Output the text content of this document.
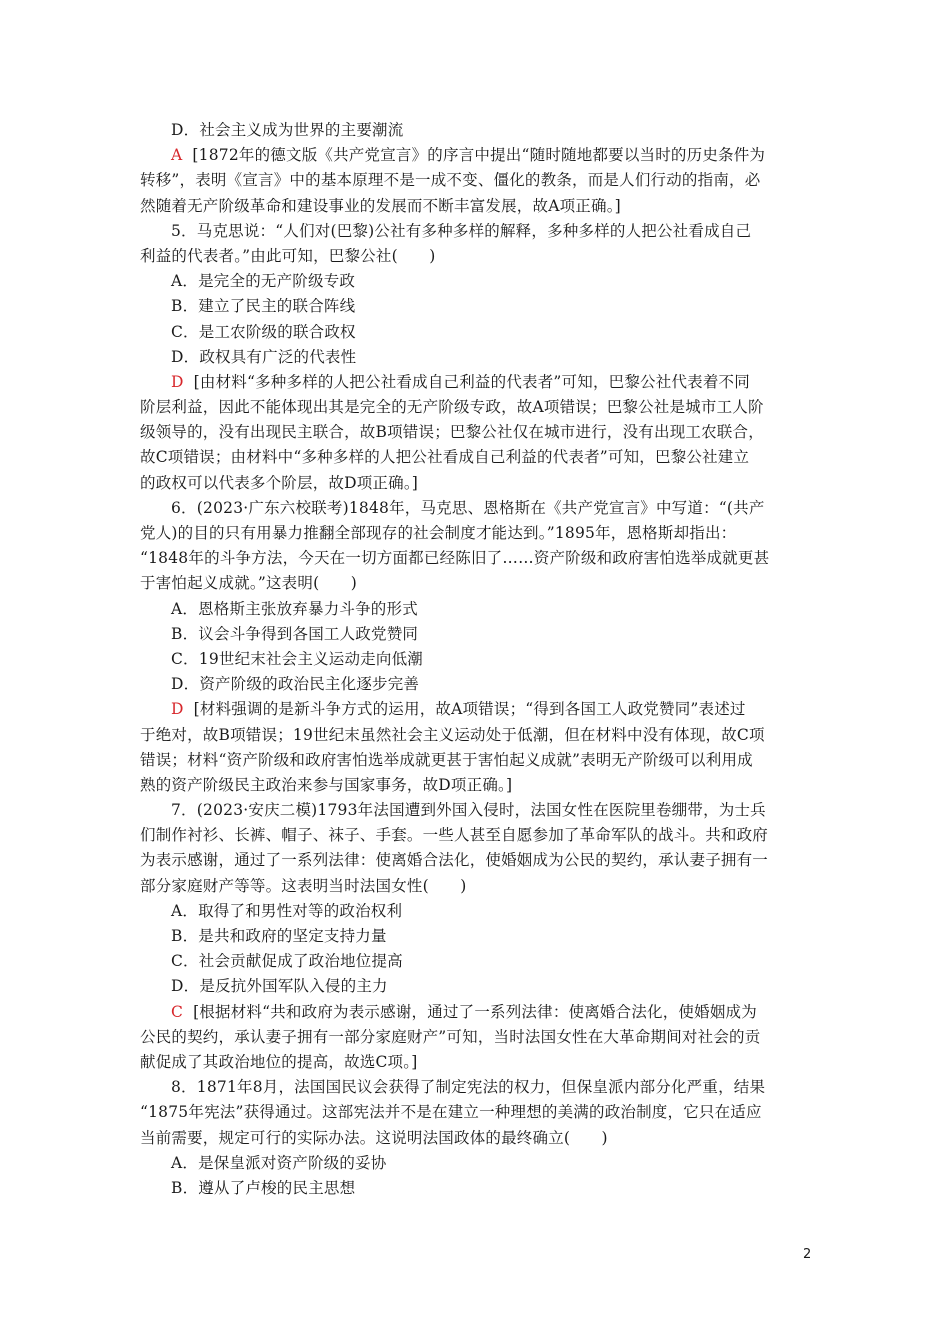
D．社会主义成为世界的主要潮流
A [1872年的德文版《共产党宣言》的序言中提出“随时随地都要以当时的历史条件为
转移”，表明《宣言》中的基本原理不是一成不变、僵化的教条，而是人们行动的指南，必
然随着无产阶级革命和建设事业的发展而不断丰富发展，故A项正确。]
5．马克思说：“人们对(巴黎)公社有多种多样的解释，多种多样的人把公社看成自己
利益的代表者。”由此可知，巴黎公社(　　)
A．是完全的无产阶级专政
B．建立了民主的联合阵线
C．是工农阶级的联合政权
D．政权具有广泛的代表性
D [由材料“多种多样的人把公社看成自己利益的代表者”可知，巴黎公社代表着不同
阶层利益，因此不能体现出其是完全的无产阶级专政，故A项错误；巴黎公社是城市工人阶
级领导的，没有出现民主联合，故B项错误；巴黎公社仅在城市进行，没有出现工农联合，
故C项错误；由材料中“多种多样的人把公社看成自己利益的代表者”可知，巴黎公社建立
的政权可以代表多个阶层，故D项正确。]
6．(2023·广东六校联考)1848年，马克思、恩格斯在《共产党宣言》中写道：“(共产
党人)的目的只有用暴力推翻全部现存的社会制度才能达到。”1895年，恩格斯却指出：
“1848年的斗争方法，今天在一切方面都已经陈旧了……资产阶级和政府害怕选举成就更甚
于害怕起义成就。”这表明(　　)
A．恩格斯主张放弃暴力斗争的形式
B．议会斗争得到各国工人政党赞同
C．19世纪末社会主义运动走向低潮
D．资产阶级的政治民主化逐步完善
D [材料强调的是新斗争方式的运用，故A项错误；“得到各国工人政党赞同”表述过
于绝对，故B项错误；19世纪末虽然社会主义运动处于低潮，但在材料中没有体现，故C项
错误；材料“资产阶级和政府害怕选举成就更甚于害怕起义成就”表明无产阶级可以利用成
熟的资产阶级民主政治来参与国家事务，故D项正确。]
7．(2023·安庆二模)1793年法国遭到外国入侵时，法国女性在医院里卷绷带，为士兵
们制作衬衫、长裤、帽子、袜子、手套。一些人甚至自愿参加了革命军队的战斗。共和政府
为表示感谢，通过了一系列法律：使离婚合法化，使婚姻成为公民的契约，承认妻子拥有一
部分家庭财产等等。这表明当时法国女性(　　)
A．取得了和男性对等的政治权利
B．是共和政府的坚定支持力量
C．社会贡献促成了政治地位提高
D．是反抗外国军队入侵的主力
C [根据材料“共和政府为表示感谢，通过了一系列法律：使离婚合法化，使婚姻成为
公民的契约，承认妻子拥有一部分家庭财产”可知，当时法国女性在大革命期间对社会的贡
献促成了其政治地位的提高，故选C项。]
8．1871年8月，法国国民议会获得了制定宪法的权力，但保皇派内部分化严重，结果
“1875年宪法”获得通过。这部宪法并不是在建立一种理想的美满的政治制度，它只在适应
当前需要，规定可行的实际办法。这说明法国政体的最终确立(　　)
A．是保皇派对资产阶级的妥协
B．遵从了卢梭的民主思想
2
